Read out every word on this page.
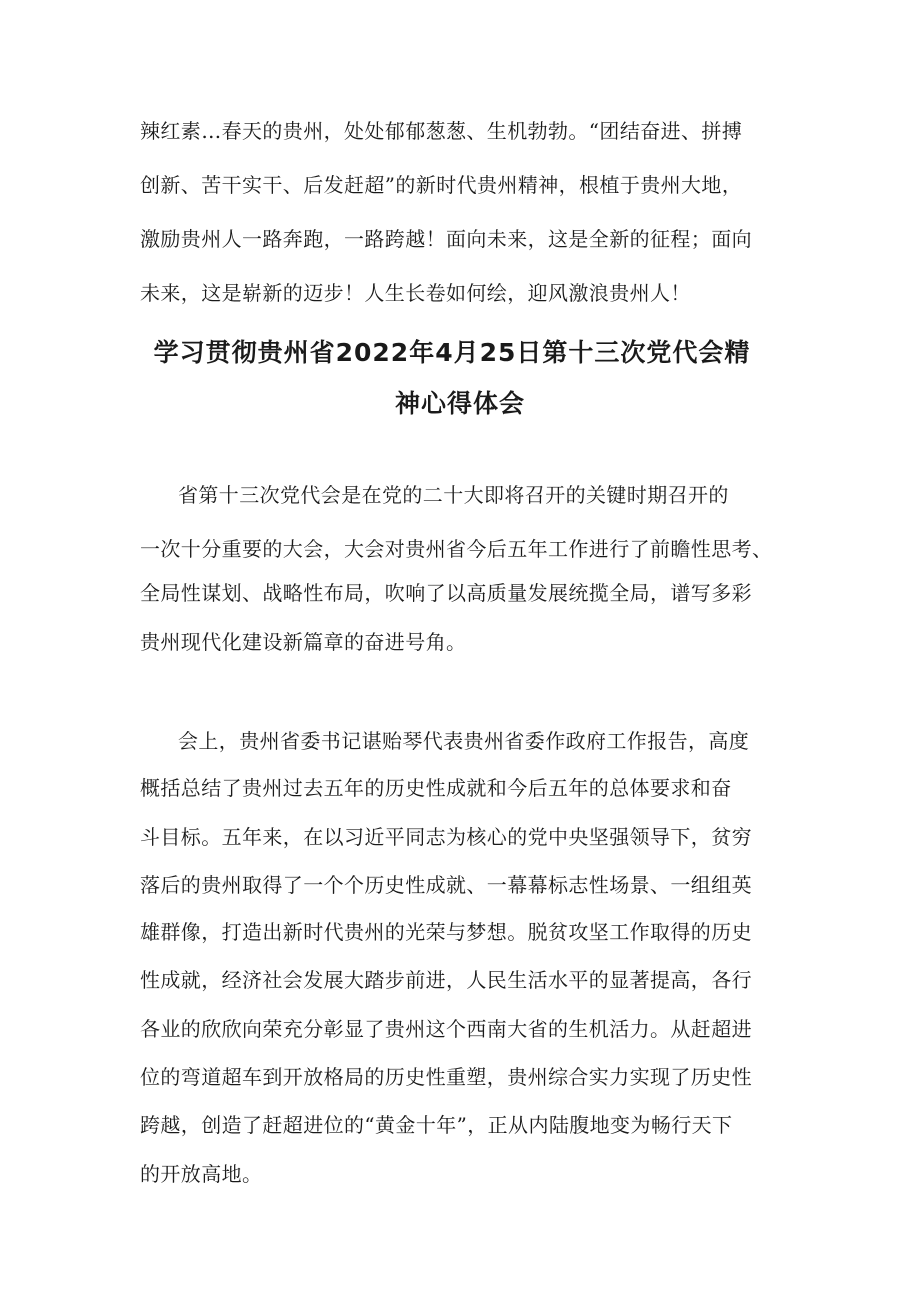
辣红素…春天的贵州，处处郁郁葱葱、生机勃勃。“团结奋进、拼搏
创新、苦干实干、后发赶超”的新时代贵州精神，根植于贵州大地，
激励贵州人一路奔跑，一路跨越！面向未来，这是全新的征程；面向
未来，这是崭新的迈步！人生长卷如何绘，迎风激浪贵州人！
学习贯彻贵州省2022年4月25日第十三次党代会精
神心得体会
省第十三次党代会是在党的二十大即将召开的关键时期召开的
一次十分重要的大会，大会对贵州省今后五年工作进行了前瞻性思考、
全局性谋划、战略性布局，吹响了以高质量发展统揽全局，谱写多彩
贵州现代化建设新篇章的奋进号角。
会上，贵州省委书记谌贻琴代表贵州省委作政府工作报告，高度
概括总结了贵州过去五年的历史性成就和今后五年的总体要求和奋
斗目标。五年来，在以习近平同志为核心的党中央坚强领导下，贫穷
落后的贵州取得了一个个历史性成就、一幕幕标志性场景、一组组英
雄群像，打造出新时代贵州的光荣与梦想。脱贫攻坚工作取得的历史
性成就，经济社会发展大踏步前进，人民生活水平的显著提高，各行
各业的欣欣向荣充分彰显了贵州这个西南大省的生机活力。从赶超进
位的弯道超车到开放格局的历史性重塑，贵州综合实力实现了历史性
跨越，创造了赶超进位的“黄金十年”，正从内陆腹地变为畅行天下
的开放高地。
